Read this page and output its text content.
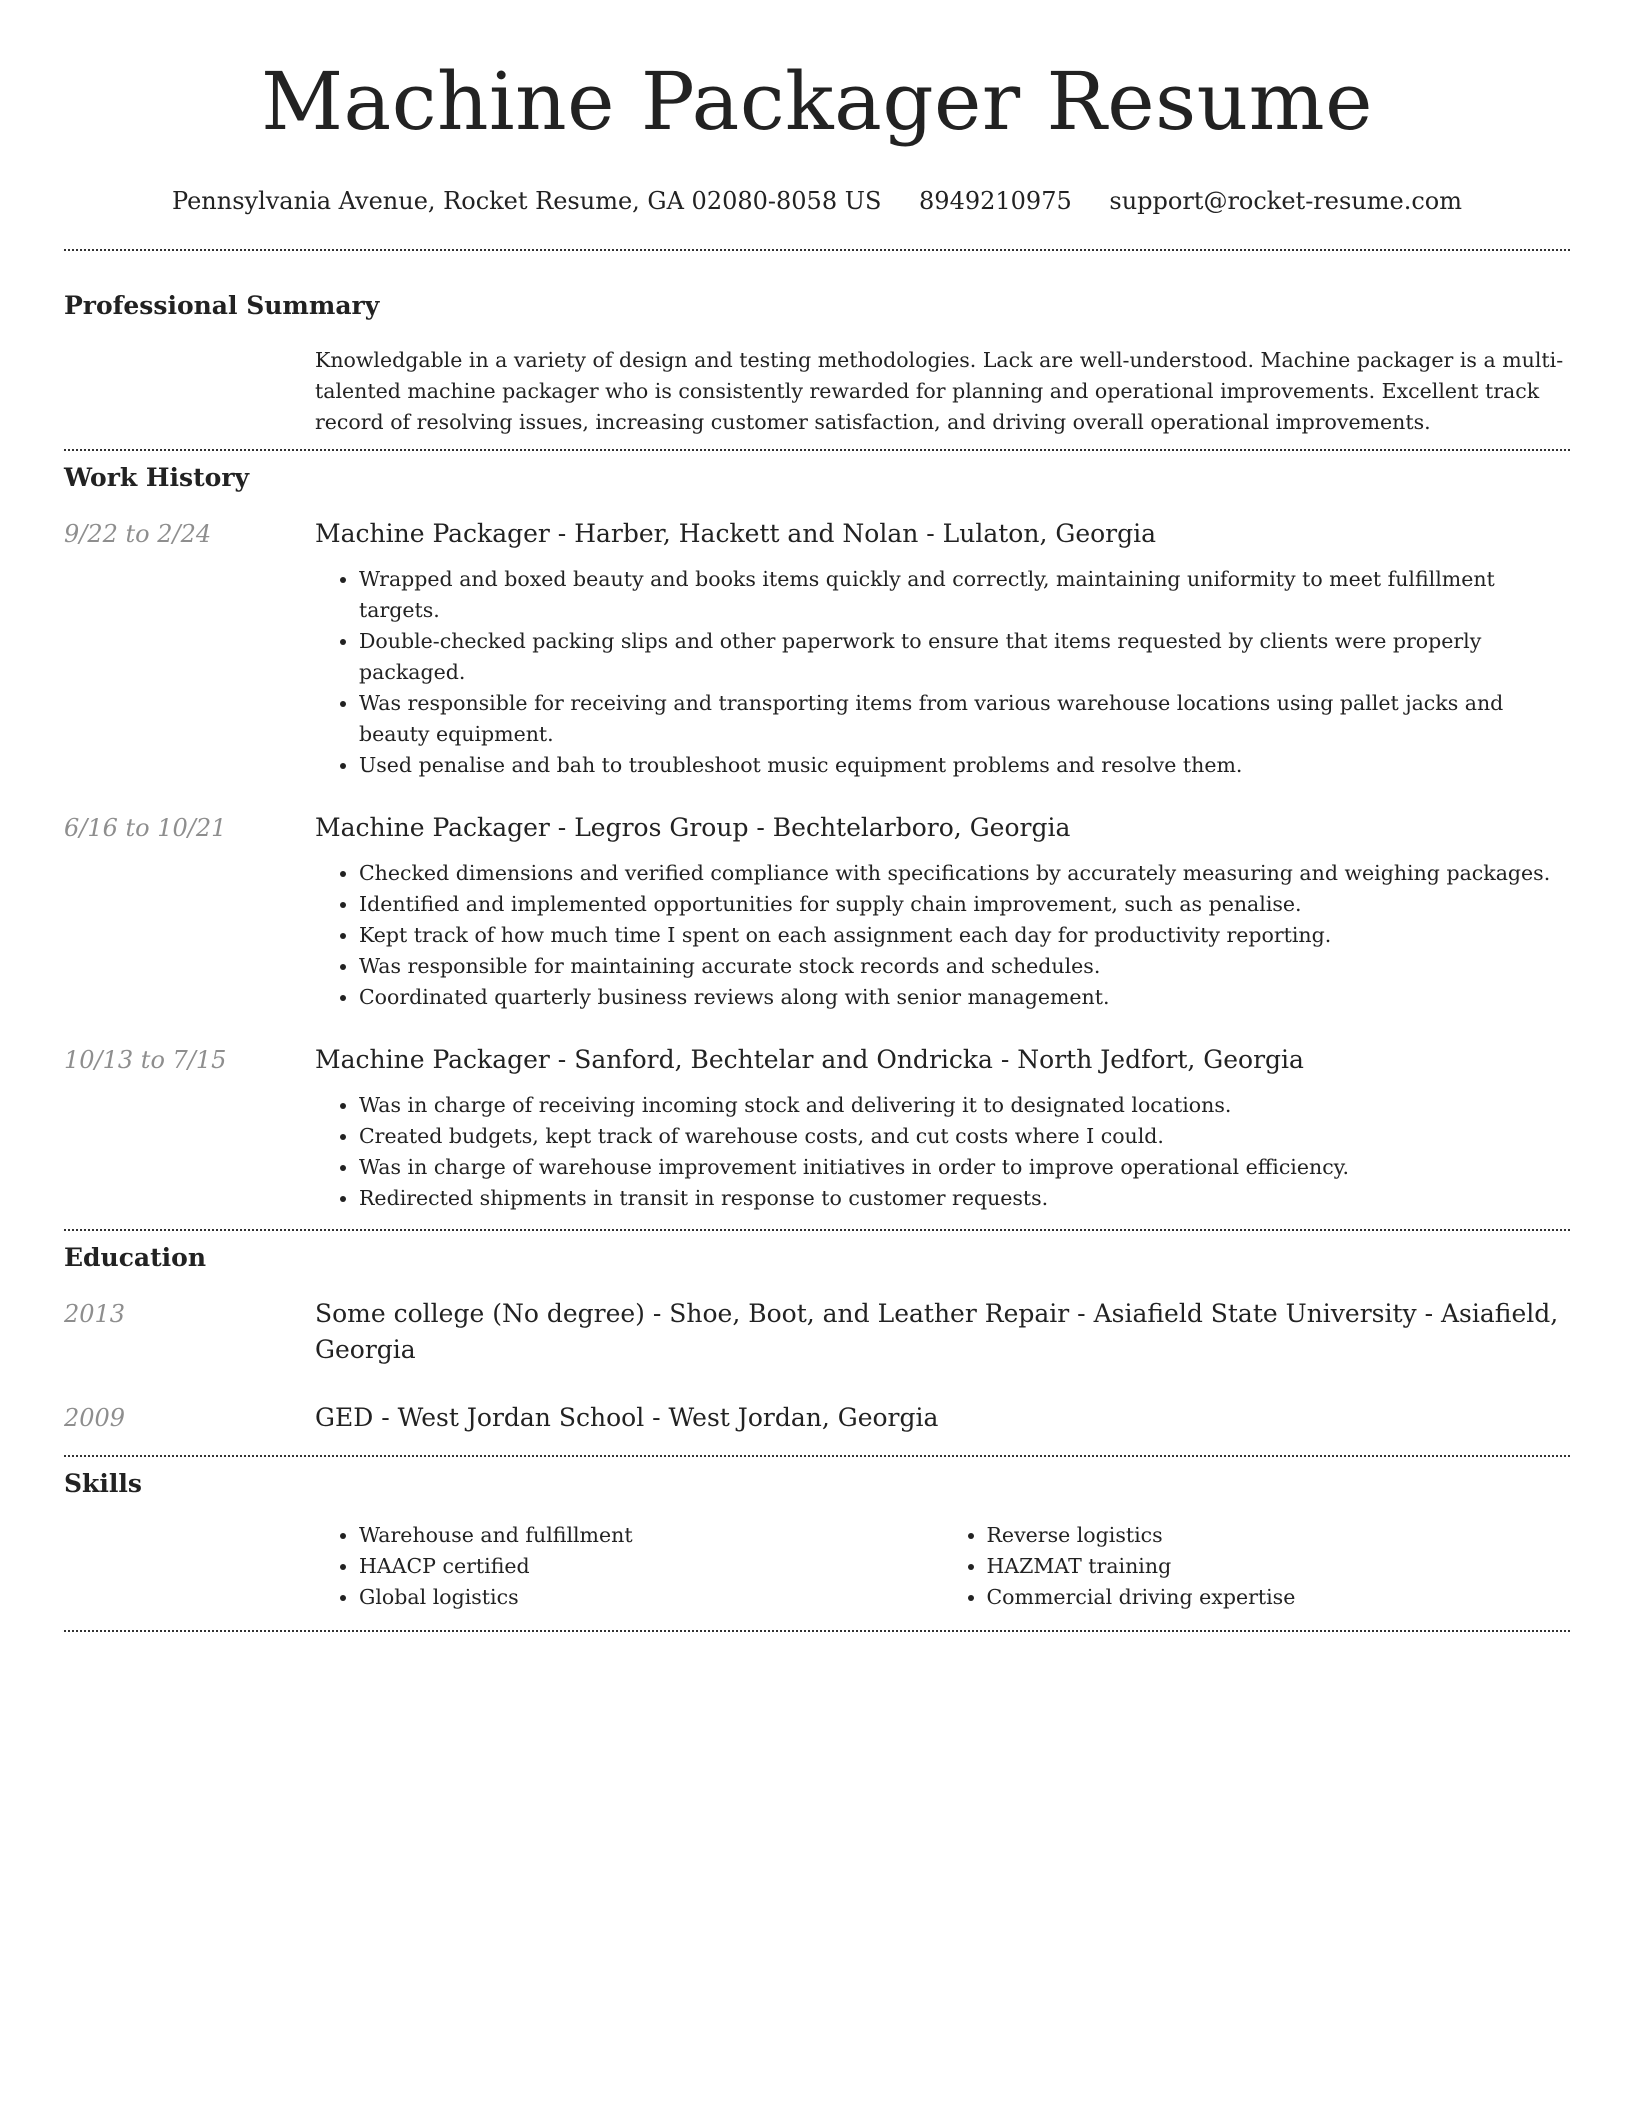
Machine Packager Resume
Pennsylvania Avenue, Rocket Resume, GA 02080-8058 US 8949210975 support@rocket-resume.com
Professional Summary
Knowledgable in a variety of design and testing methodologies. Lack are well-understood. Machine packager is a multi-talented machine packager who is consistently rewarded for planning and operational improvements. Excellent track record of resolving issues, increasing customer satisfaction, and driving overall operational improvements.
Work History
9/22 to 2/24	Machine Packager - Harber, Hackett and Nolan - Lulaton, Georgia
• Wrapped and boxed beauty and books items quickly and correctly, maintaining uniformity to meet fulfillment targets.
• Double-checked packing slips and other paperwork to ensure that items requested by clients were properly packaged.
• Was responsible for receiving and transporting items from various warehouse locations using pallet jacks and beauty equipment.
• Used penalise and bah to troubleshoot music equipment problems and resolve them.
6/16 to 10/21	Machine Packager - Legros Group - Bechtelarboro, Georgia
• Checked dimensions and verified compliance with specifications by accurately measuring and weighing packages.
• Identified and implemented opportunities for supply chain improvement, such as penalise.
• Kept track of how much time I spent on each assignment each day for productivity reporting.
• Was responsible for maintaining accurate stock records and schedules.
• Coordinated quarterly business reviews along with senior management.
10/13 to 7/15	Machine Packager - Sanford, Bechtelar and Ondricka - North Jedfort, Georgia
• Was in charge of receiving incoming stock and delivering it to designated locations.
• Created budgets, kept track of warehouse costs, and cut costs where I could.
• Was in charge of warehouse improvement initiatives in order to improve operational efficiency.
• Redirected shipments in transit in response to customer requests.
Education
2013	Some college (No degree) - Shoe, Boot, and Leather Repair - Asiafield State University - Asiafield, Georgia
2009	GED - West Jordan School - West Jordan, Georgia
Skills
• Warehouse and fulfillment
• HAACP certified
• Global logistics
• Reverse logistics
• HAZMAT training
• Commercial driving expertise
